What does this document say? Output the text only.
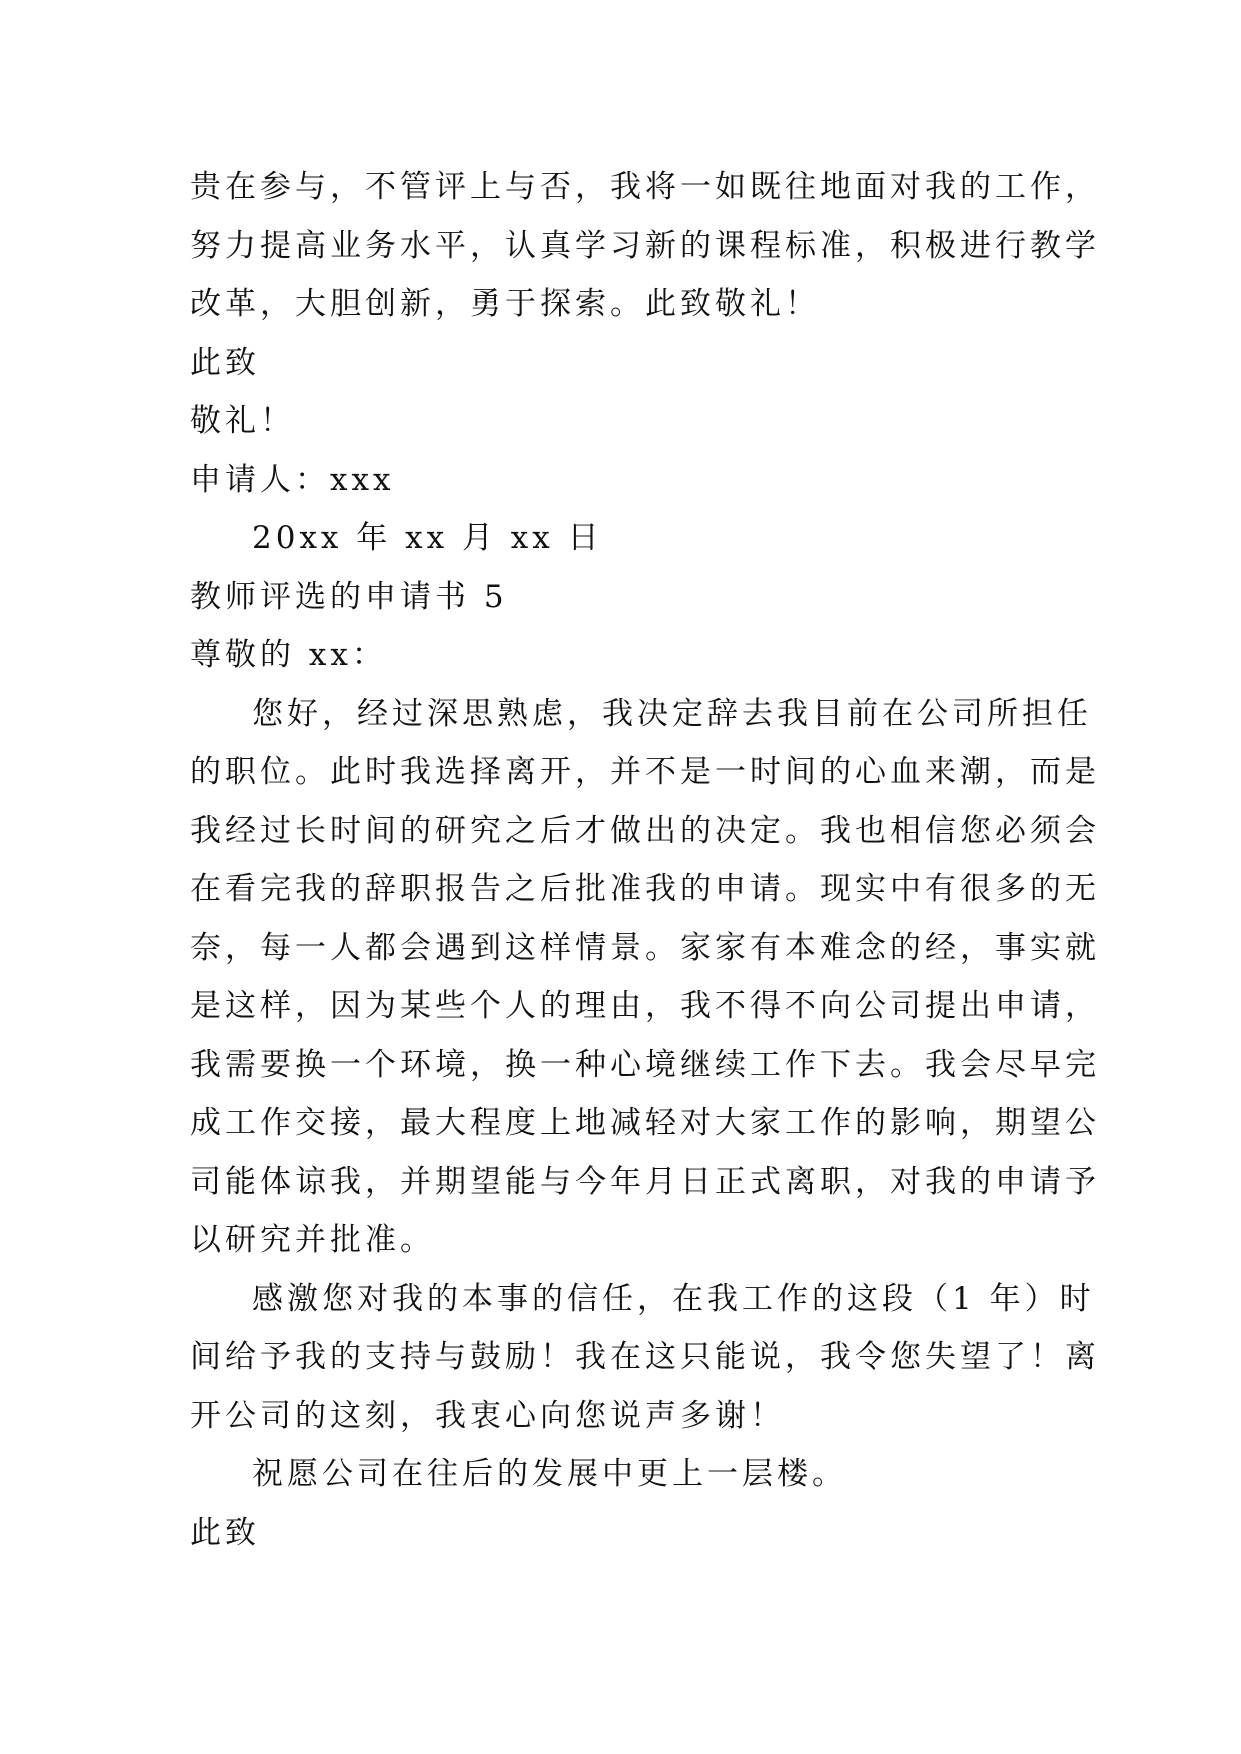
贵在参与，不管评上与否，我将一如既往地面对我的工作，
努力提高业务水平，认真学习新的课程标准，积极进行教学
改革，大胆创新，勇于探索。此致敬礼！
此致
敬礼！
申请人：xxx
20xx 年 xx 月 xx 日
教师评选的申请书 5
尊敬的 xx：
您好，经过深思熟虑，我决定辞去我目前在公司所担任
的职位。此时我选择离开，并不是一时间的心血来潮，而是
我经过长时间的研究之后才做出的决定。我也相信您必须会
在看完我的辞职报告之后批准我的申请。现实中有很多的无
奈，每一人都会遇到这样情景。家家有本难念的经，事实就
是这样，因为某些个人的理由，我不得不向公司提出申请，
我需要换一个环境，换一种心境继续工作下去。我会尽早完
成工作交接，最大程度上地减轻对大家工作的影响，期望公
司能体谅我，并期望能与今年月日正式离职，对我的申请予
以研究并批准。
感激您对我的本事的信任，在我工作的这段（1 年）时
间给予我的支持与鼓励！我在这只能说，我令您失望了！离
开公司的这刻，我衷心向您说声多谢！
祝愿公司在往后的发展中更上一层楼。
此致
